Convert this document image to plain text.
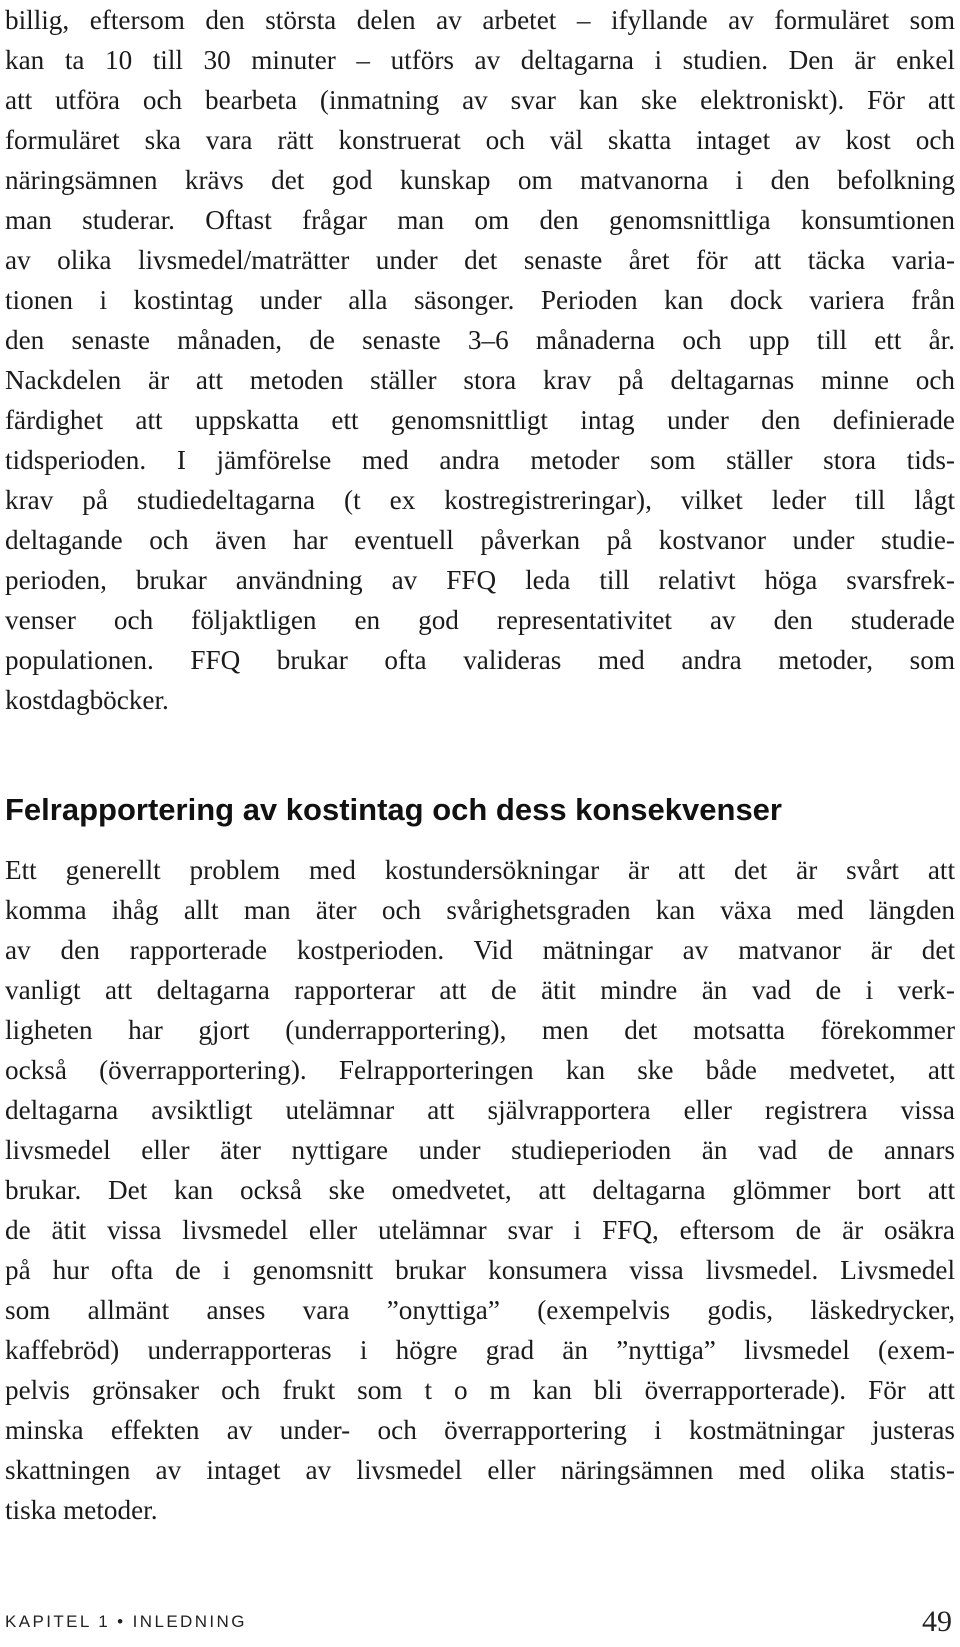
billig, eftersom den största delen av arbetet – ifyllande av formuläret som
kan ta 10 till 30 minuter – utförs av deltagarna i studien. Den är enkel
att utföra och bearbeta (inmatning av svar kan ske elektroniskt). För att
formuläret ska vara rätt konstruerat och väl skatta intaget av kost och
näringsämnen krävs det god kunskap om matvanorna i den befolkning
man studerar. Oftast frågar man om den genomsnittliga konsumtionen
av olika livsmedel/maträtter under det senaste året för att täcka varia-
tionen i kostintag under alla säsonger. Perioden kan dock variera från
den senaste månaden, de senaste 3–6 månaderna och upp till ett år.
Nackdelen är att metoden ställer stora krav på deltagarnas minne och
färdighet att uppskatta ett genomsnittligt intag under den definierade
tidsperioden. I jämförelse med andra metoder som ställer stora tids-
krav på studiedeltagarna (t ex kostregistreringar), vilket leder till lågt
deltagande och även har eventuell påverkan på kostvanor under studie-
perioden, brukar användning av FFQ leda till relativt höga svarsfrek-
venser och följaktligen en god representativitet av den studerade
populationen. FFQ brukar ofta valideras med andra metoder, som
kostdagböcker.
Felrapportering av kostintag och dess konsekvenser
Ett generellt problem med kostundersökningar är att det är svårt att
komma ihåg allt man äter och svårighetsgraden kan växa med längden
av den rapporterade kostperioden. Vid mätningar av matvanor är det
vanligt att deltagarna rapporterar att de ätit mindre än vad de i verk-
ligheten har gjort (underrapportering), men det motsatta förekommer
också (överrapportering). Felrapporteringen kan ske både medvetet, att
deltagarna avsiktligt utelämnar att självrapportera eller registrera vissa
livsmedel eller äter nyttigare under studieperioden än vad de annars
brukar. Det kan också ske omedvetet, att deltagarna glömmer bort att
de ätit vissa livsmedel eller utelämnar svar i FFQ, eftersom de är osäkra
på hur ofta de i genomsnitt brukar konsumera vissa livsmedel. Livsmedel
som allmänt anses vara ”onyttiga” (exempelvis godis, läskedrycker,
kaffebröd) underrapporteras i högre grad än ”nyttiga” livsmedel (exem-
pelvis grönsaker och frukt som t o m kan bli överrapporterade). För att
minska effekten av under- och överrapportering i kostmätningar justeras
skattningen av intaget av livsmedel eller näringsämnen med olika statis-
tiska metoder.
KAPITEL 1 • INLEDNING	49
